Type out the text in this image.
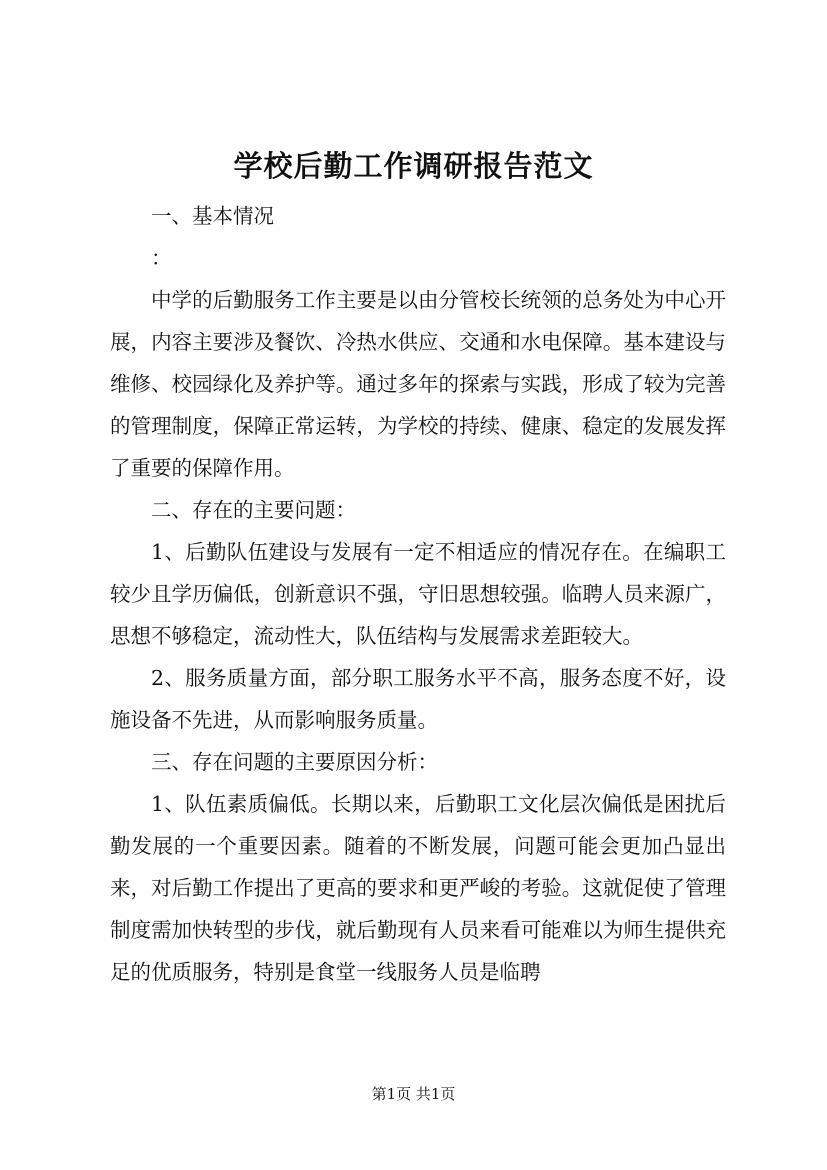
学校后勤工作调研报告范文

一、基本情况

：

中学的后勤服务工作主要是以由分管校长统领的总务处为中心开展，内容主要涉及餐饮、冷热水供应、交通和水电保障。基本建设与维修、校园绿化及养护等。通过多年的探索与实践，形成了较为完善的管理制度，保障正常运转，为学校的持续、健康、稳定的发展发挥了重要的保障作用。

二、存在的主要问题：

1、后勤队伍建设与发展有一定不相适应的情况存在。在编职工较少且学历偏低，创新意识不强，守旧思想较强。临聘人员来源广，思想不够稳定，流动性大，队伍结构与发展需求差距较大。

2、服务质量方面，部分职工服务水平不高，服务态度不好，设施设备不先进，从而影响服务质量。

三、存在问题的主要原因分析：

1、队伍素质偏低。长期以来，后勤职工文化层次偏低是困扰后勤发展的一个重要因素。随着的不断发展，问题可能会更加凸显出来，对后勤工作提出了更高的要求和更严峻的考验。这就促使了管理制度需加快转型的步伐，就后勤现有人员来看可能难以为师生提供充足的优质服务，特别是食堂一线服务人员是临聘

第1页 共1页
